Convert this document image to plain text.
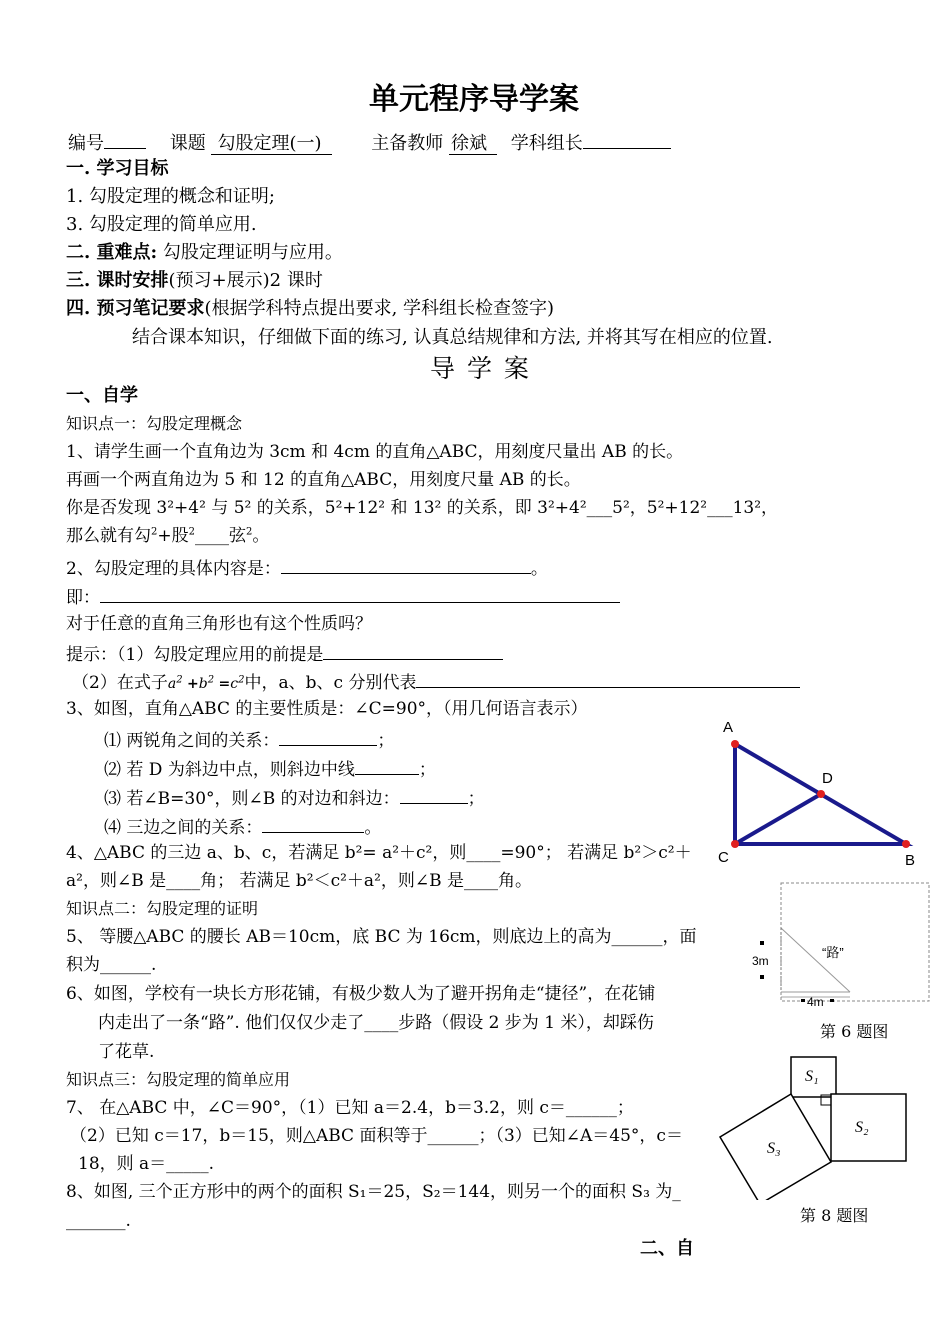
单元程序导学案
编号	课题 勾股定理(一)	主备教师 徐斌 学科组长
一. 学习目标
1. 勾股定理的概念和证明;
3. 勾股定理的简单应用.
二. 重难点: 勾股定理证明与应用。
三. 课时安排(预习+展示)2 课时
四. 预习笔记要求(根据学科特点提出要求, 学科组长检查签字)
结合课本知识，仔细做下面的练习, 认真总结规律和方法, 并将其写在相应的位置.
导 学 案
一、自学
知识点一：勾股定理概念
1、请学生画一个直角边为 3cm 和 4cm 的直角△ABC，用刻度尺量出 AB 的长。
再画一个两直角边为 5 和 12 的直角△ABC，用刻度尺量 AB 的长。
你是否发现 3²+4² 与 5² 的关系，5²+12² 和 13² 的关系，即 3²+4²___5²，5²+12²___13²，
那么就有勾$^2$+股$^2$____弦$^2$。
2、勾股定理的具体内容是：	。
即：
对于任意的直角三角形也有这个性质吗？
提示：（1）勾股定理应用的前提是
（2）在式子$a^2 +b^2 =c^2$中，a、b、c 分别代表
3、如图，直角△ABC 的主要性质是：∠C=90°，（用几何语言表示）
⑴ 两锐角之间的关系：	；
⑵ 若 D 为斜边中点，则斜边中线	；
⑶ 若∠B=30°，则∠B 的对边和斜边：	；
⑷ 三边之间的关系：	。
4、△ABC 的三边 a、b、c，若满足 b²= a²＋c²，则____=90°； 若满足 b²＞c²＋
a²，则∠B 是____角； 若满足 b²＜c²＋a²，则∠B 是____角。
知识点二：勾股定理的证明
5、 等腰△ABC 的腰长 AB＝10cm，底 BC 为 16cm，则底边上的高为______，面
积为______.
6、如图，学校有一块长方形花铺，有极少数人为了避开拐角走“捷径”，在花铺
内走出了一条“路”. 他们仅仅少走了____步路（假设 2 步为 1 米），却踩伤
了花草.
知识点三：勾股定理的简单应用
7、 在△ABC 中，∠C＝90°，（1）已知 a＝2.4，b＝3.2，则 c＝______；
（2）已知 c＝17，b＝15，则△ABC 面积等于______；（3）已知∠A＝45°，c＝
18，则 a＝_____.
8、如图, 三个正方形中的两个的面积 S₁＝25，S₂＝144，则另一个的面积 S₃ 为_
_______.
二、自
A
C	B
D
“路”
3m
4m
第 6 题图
S₁
S₂
S₃
第 8 题图
